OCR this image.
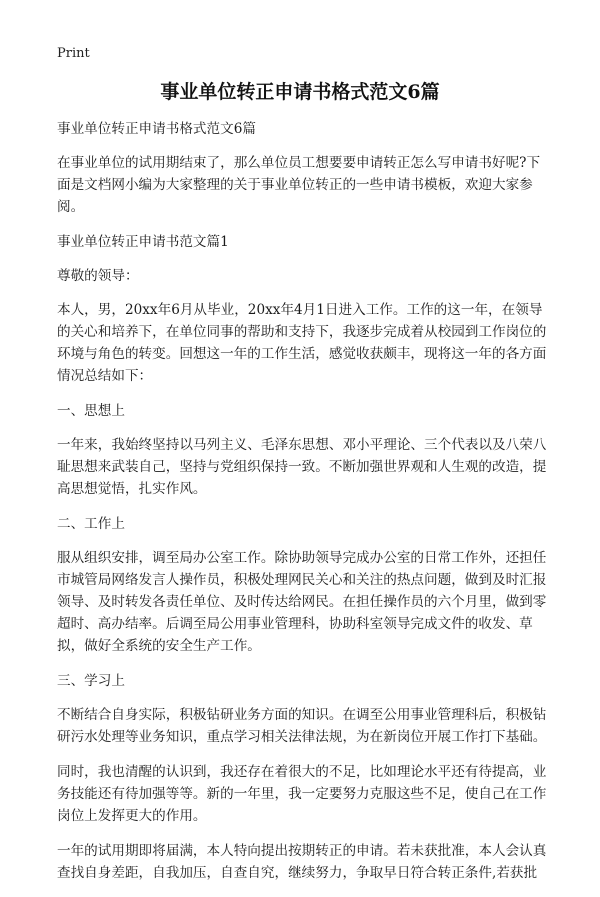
Print
事业单位转正申请书格式范文6篇

事业单位转正申请书格式范文6篇

在事业单位的试用期结束了，那么单位员工想要要申请转正怎么写申请书好呢?下面是文档网小编为大家整理的关于事业单位转正的一些申请书模板，欢迎大家参阅。

事业单位转正申请书范文篇1

尊敬的领导：

本人，男，20xx年6月从毕业，20xx年4月1日进入工作。工作的这一年，在领导的关心和培养下，在单位同事的帮助和支持下，我逐步完成着从校园到工作岗位的环境与角色的转变。回想这一年的工作生活，感觉收获颇丰，现将这一年的各方面情况总结如下：

一、思想上

一年来，我始终坚持以马列主义、毛泽东思想、邓小平理论、三个代表以及八荣八耻思想来武装自己，坚持与党组织保持一致。不断加强世界观和人生观的改造，提高思想觉悟，扎实作风。

二、工作上

服从组织安排，调至局办公室工作。除协助领导完成办公室的日常工作外，还担任市城管局网络发言人操作员，积极处理网民关心和关注的热点问题，做到及时汇报领导、及时转发各责任单位、及时传达给网民。在担任操作员的六个月里，做到零超时、高办结率。后调至局公用事业管理科，协助科室领导完成文件的收发、草拟，做好全系统的安全生产工作。

三、学习上

不断结合自身实际，积极钻研业务方面的知识。在调至公用事业管理科后，积极钻研污水处理等业务知识，重点学习相关法律法规，为在新岗位开展工作打下基础。

同时，我也清醒的认识到，我还存在着很大的不足，比如理论水平还有待提高，业务技能还有待加强等等。新的一年里，我一定要努力克服这些不足，使自己在工作岗位上发挥更大的作用。

一年的试用期即将届满，本人特向提出按期转正的申请。若未获批准，本人会认真查找自身差距，自我加压，自查自究，继续努力，争取早日符合转正条件,若获批
